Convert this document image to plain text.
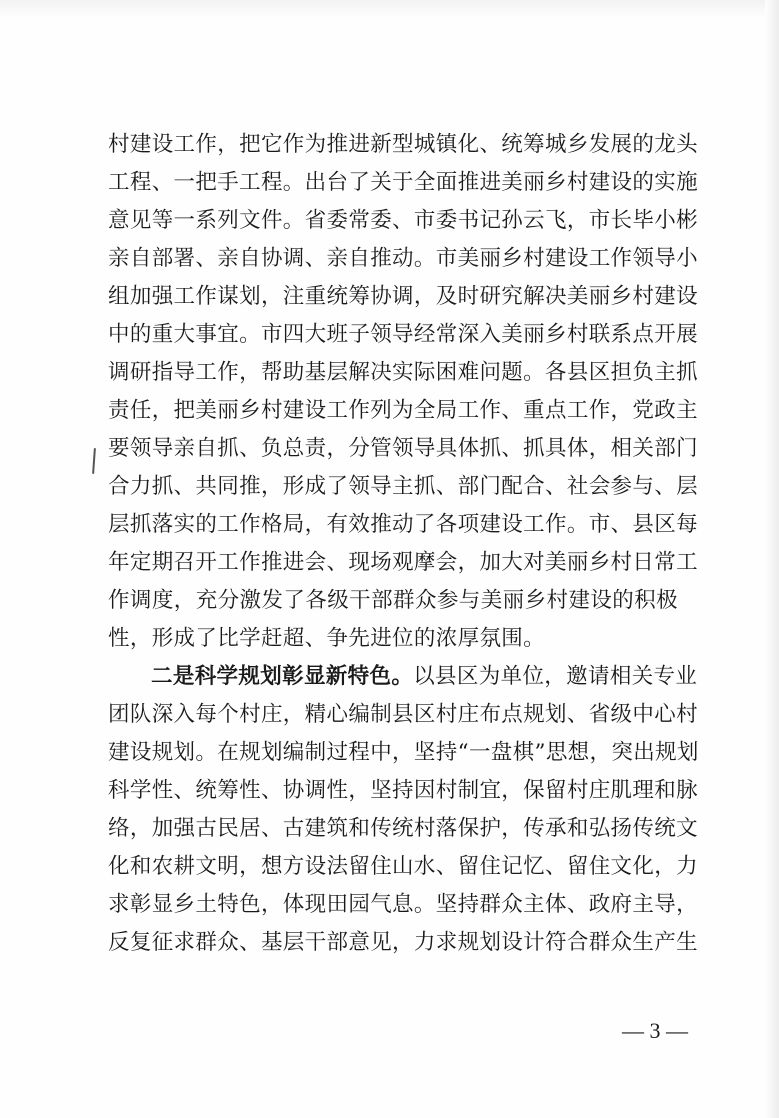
村建设工作，把它作为推进新型城镇化、统筹城乡发展的龙头
工程、一把手工程。出台了关于全面推进美丽乡村建设的实施
意见等一系列文件。省委常委、市委书记孙云飞，市长毕小彬
亲自部署、亲自协调、亲自推动。市美丽乡村建设工作领导小
组加强工作谋划，注重统筹协调，及时研究解决美丽乡村建设
中的重大事宜。市四大班子领导经常深入美丽乡村联系点开展
调研指导工作，帮助基层解决实际困难问题。各县区担负主抓
责任，把美丽乡村建设工作列为全局工作、重点工作，党政主
要领导亲自抓、负总责，分管领导具体抓、抓具体，相关部门
合力抓、共同推，形成了领导主抓、部门配合、社会参与、层
层抓落实的工作格局，有效推动了各项建设工作。市、县区每
年定期召开工作推进会、现场观摩会，加大对美丽乡村日常工
作调度，充分激发了各级干部群众参与美丽乡村建设的积极
性，形成了比学赶超、争先进位的浓厚氛围。
二是科学规划彰显新特色。以县区为单位，邀请相关专业
团队深入每个村庄，精心编制县区村庄布点规划、省级中心村
建设规划。在规划编制过程中，坚持“一盘棋”思想，突出规划
科学性、统筹性、协调性，坚持因村制宜，保留村庄肌理和脉
络，加强古民居、古建筑和传统村落保护，传承和弘扬传统文
化和农耕文明，想方设法留住山水、留住记忆、留住文化，力
求彰显乡土特色，体现田园气息。坚持群众主体、政府主导，
反复征求群众、基层干部意见，力求规划设计符合群众生产生
— 3 —
